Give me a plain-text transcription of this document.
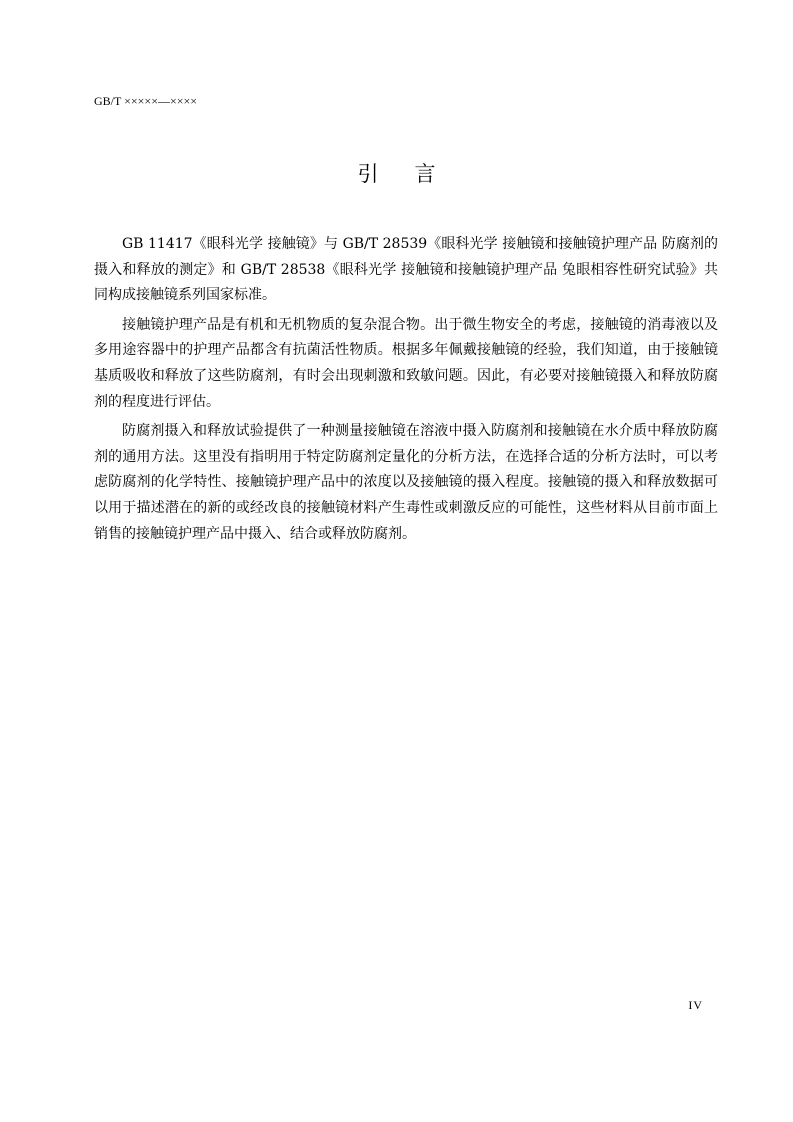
GB/T ×××××—××××
引言

GB 11417《眼科光学 接触镜》与 GB/T 28539《眼科光学 接触镜和接触镜护理产品 防腐剂的摄入和释放的测定》和 GB/T 28538《眼科光学 接触镜和接触镜护理产品 兔眼相容性研究试验》共同构成接触镜系列国家标准。

接触镜护理产品是有机和无机物质的复杂混合物。出于微生物安全的考虑，接触镜的消毒液以及多用途容器中的护理产品都含有抗菌活性物质。根据多年佩戴接触镜的经验，我们知道，由于接触镜基质吸收和释放了这些防腐剂，有时会出现刺激和致敏问题。因此，有必要对接触镜摄入和释放防腐剂的程度进行评估。

防腐剂摄入和释放试验提供了一种测量接触镜在溶液中摄入防腐剂和接触镜在水介质中释放防腐剂的通用方法。这里没有指明用于特定防腐剂定量化的分析方法，在选择合适的分析方法时，可以考虑防腐剂的化学特性、接触镜护理产品中的浓度以及接触镜的摄入程度。接触镜的摄入和释放数据可以用于描述潜在的新的或经改良的接触镜材料产生毒性或刺激反应的可能性，这些材料从目前市面上销售的接触镜护理产品中摄入、结合或释放防腐剂。

IV
